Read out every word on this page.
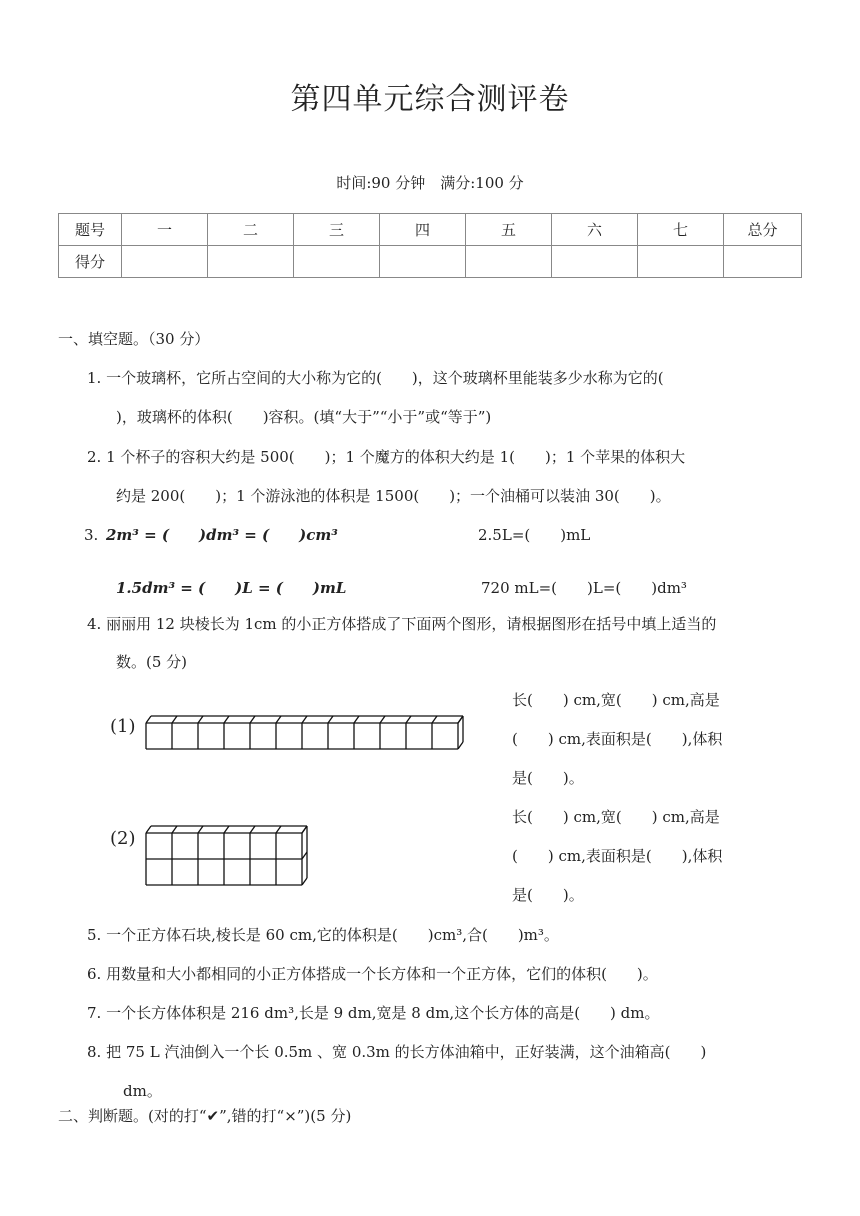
第四单元综合测评卷
时间:90 分钟　满分:100 分
题号	一	二	三	四	五	六	七	总分
得分								
一、填空题。（30 分）
1. 一个玻璃杯，它所占空间的大小称为它的(　　)，这个玻璃杯里能装多少水称为它的(
)，玻璃杯的体积(　　)容积。(填“大于”“小于”或“等于”)
2. 1 个杯子的容积大约是 500(　　)；1 个魔方的体积大约是 1(　　)；1 个苹果的体积大
约是 200(　　)；1 个游泳池的体积是 1500(　　)；一个油桶可以装油 30(　　)。
3. 2m³ = (　　)dm³ = (　　)cm³	2.5L=(　　)mL
1.5dm³ = (　　)L = (　　)mL	720 mL=(　　)L=(　　)dm³
4. 丽丽用 12 块棱长为 1cm 的小正方体搭成了下面两个图形，请根据图形在括号中填上适当的
数。(5 分)
(1)
(2)
长(　　) cm,宽(　　) cm,高是
(　　) cm,表面积是(　　),体积
是(　　)。
长(　　) cm,宽(　　) cm,高是
(　　) cm,表面积是(　　),体积
是(　　)。
5. 一个正方体石块,棱长是 60 cm,它的体积是(　　)cm³,合(　　)m³。
6. 用数量和大小都相同的小正方体搭成一个长方体和一个正方体，它们的体积(　　)。
7. 一个长方体体积是 216 dm³,长是 9 dm,宽是 8 dm,这个长方体的高是(　　) dm。
8. 把 75 L 汽油倒入一个长 0.5m 、宽 0.3m 的长方体油箱中，正好装满，这个油箱高(　　)
dm。
二、判断题。(对的打“✔”,错的打“×”)(5 分)
